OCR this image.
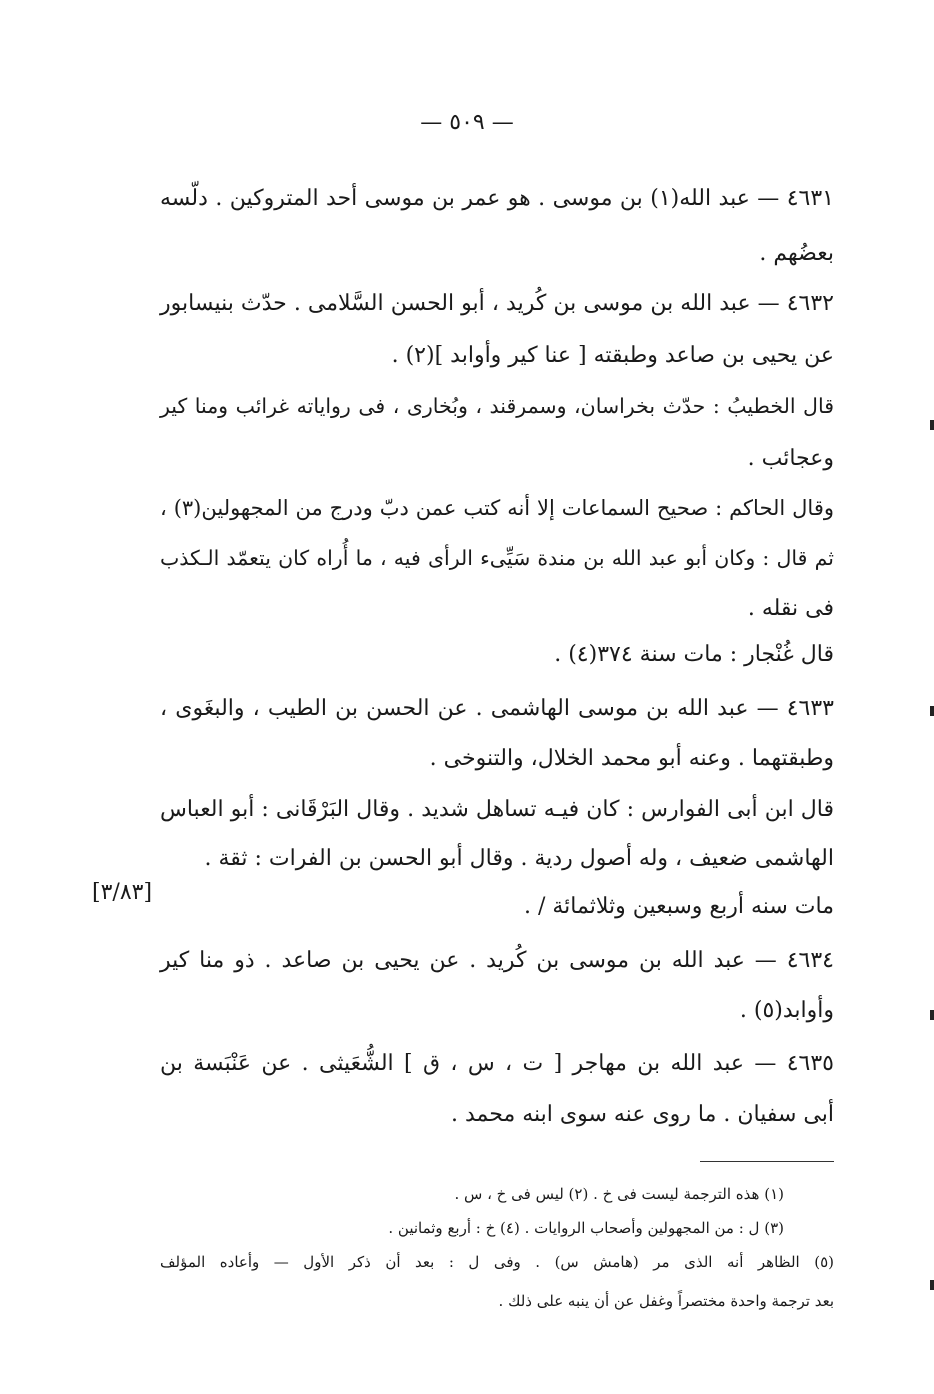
— ٥٠٩ —
٤٦٣١ — عبد الله(١) بن موسى . هو عمر بن موسى أحد المتروكين . دلّسه
بعضُهم .
٤٦٣٢ — عبد الله بن موسى بن كُريد ، أبو الحسن السَّلامى . حدّث بنيسابور
عن يحيى بن صاعد وطبقته [ عنا كير وأوابد ](٢) .
قال الخطيبُ : حدّث بخراسان، وسمرقند ، وبُخارى ، فى رواياته غرائب ومنا كير
وعجائب .
وقال الحاكم : صحيح السماعات إلا أنه كتب عمن دبّ ودرج من المجهولين(٣) ،
ثم قال : وكان أبو عبد الله بن مندة سَيِّىء الرأى فيه ، ما أُراه كان يتعمّد الـكذب
فى نقله .
قال غُنْجار : مات سنة ٣٧٤(٤) .
٤٦٣٣ — عبد الله بن موسى الهاشمى . عن الحسن بن الطيب ، والبغَوى ،
وطبقتهما . وعنه أبو محمد الخلال، والتنوخى .
قال ابن أبى الفوارس : كان فيـه تساهل شديد . وقال البَرْقَانى : أبو العباس
الهاشمى ضعيف ، وله أصول ردية . وقال أبو الحسن بن الفرات : ثقة .
مات سنه أربع وسبعين وثلاثمائة / .
٤٦٣٤ — عبد الله بن موسى بن كُريد . عن يحيى بن صاعد . ذو منا كير
وأوابد(٥) .
٤٦٣٥ — عبد الله بن مهاجر [ ت ، س ، ق ] الشُّعَيثى . عن عَنْبَسة بن
أبى سفيان . ما روى عنه سوى ابنه محمد .
[٣/٨٣]
(١) هذه الترجمة ليست فى خ . (٢) ليس فى خ ، س .
(٣) ل : من المجهولين وأصحاب الروايات . (٤) خ : أربع وثمانين .
(٥) الظاهر أنه الذى مر (هامش س) . وفى ل : بعد أن ذكر الأول — وأعاده المؤلف
بعد ترجمة واحدة مختصراً وغفل عن أن ينبه على ذلك .
